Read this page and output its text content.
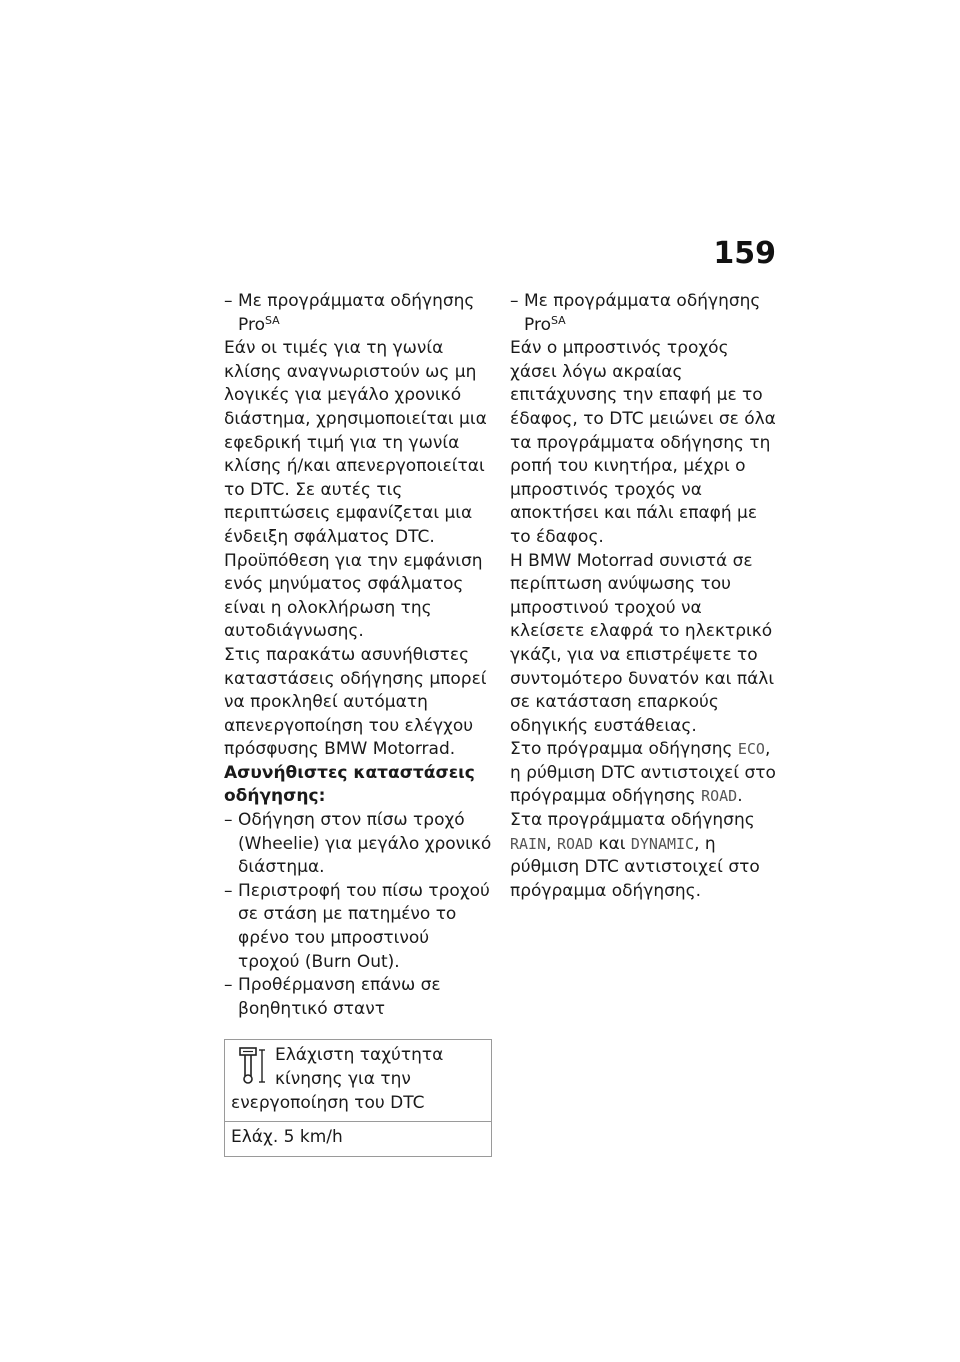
159
– Με προγράμματα οδήγησης
Pro$^{SA}$

Εάν οι τιμές για τη γωνία κλίσης αναγνωριστούν ως μη λογικές για μεγάλο χρονικό διάστημα, χρησιμοποιείται μια εφεδρική τιμή για τη γωνία κλίσης ή/και απενεργοποιείται το DTC. Σε αυτές τις περιπτώσεις εμφανίζεται μια ένδειξη σφάλματος DTC. Προϋπόθεση για την εμφάνιση ενός μηνύματος σφάλματος είναι η ολοκλήρωση της αυτοδιάγνωσης.

Στις παρακάτω ασυνήθιστες καταστάσεις οδήγησης μπορεί να προκληθεί αυτόματη απενεργοποίηση του ελέγχου πρόσφυσης BMW Motorrad.

Ασυνήθιστες καταστάσεις οδήγησης:

– Οδήγηση στον πίσω τροχό (Wheelie) για μεγάλο χρονικό διάστημα.
– Περιστροφή του πίσω τροχού σε στάση με πατημένο το φρένο του μπροστινού τροχού (Burn Out).
– Προθέρμανση επάνω σε βοηθητικό σταντ
Ελάχιστη ταχύτητα κίνησης για την ενεργοποίηση του DTC
Ελάχ. 5 km/h
– Με προγράμματα οδήγησης
Pro$^{SA}$

Εάν ο μπροστινός τροχός χάσει λόγω ακραίας επιτάχυνσης την επαφή με το έδαφος, το DTC μειώνει σε όλα τα προγράμματα οδήγησης τη ροπή του κινητήρα, μέχρι ο μπροστινός τροχός να αποκτήσει και πάλι επαφή με το έδαφος.

Η BMW Motorrad συνιστά σε περίπτωση ανύψωσης του μπροστινού τροχού να κλείσετε ελαφρά το ηλεκτρικό γκάζι, για να επιστρέψετε το συντομότερο δυνατόν και πάλι σε κατάσταση επαρκούς οδηγικής ευστάθειας.

Στο πρόγραμμα οδήγησης ECO, η ρύθμιση DTC αντιστοιχεί στο πρόγραμμα οδήγησης ROAD.

Στα προγράμματα οδήγησης RAIN, ROAD και DYNAMIC, η ρύθμιση DTC αντιστοιχεί στο πρόγραμμα οδήγησης.
